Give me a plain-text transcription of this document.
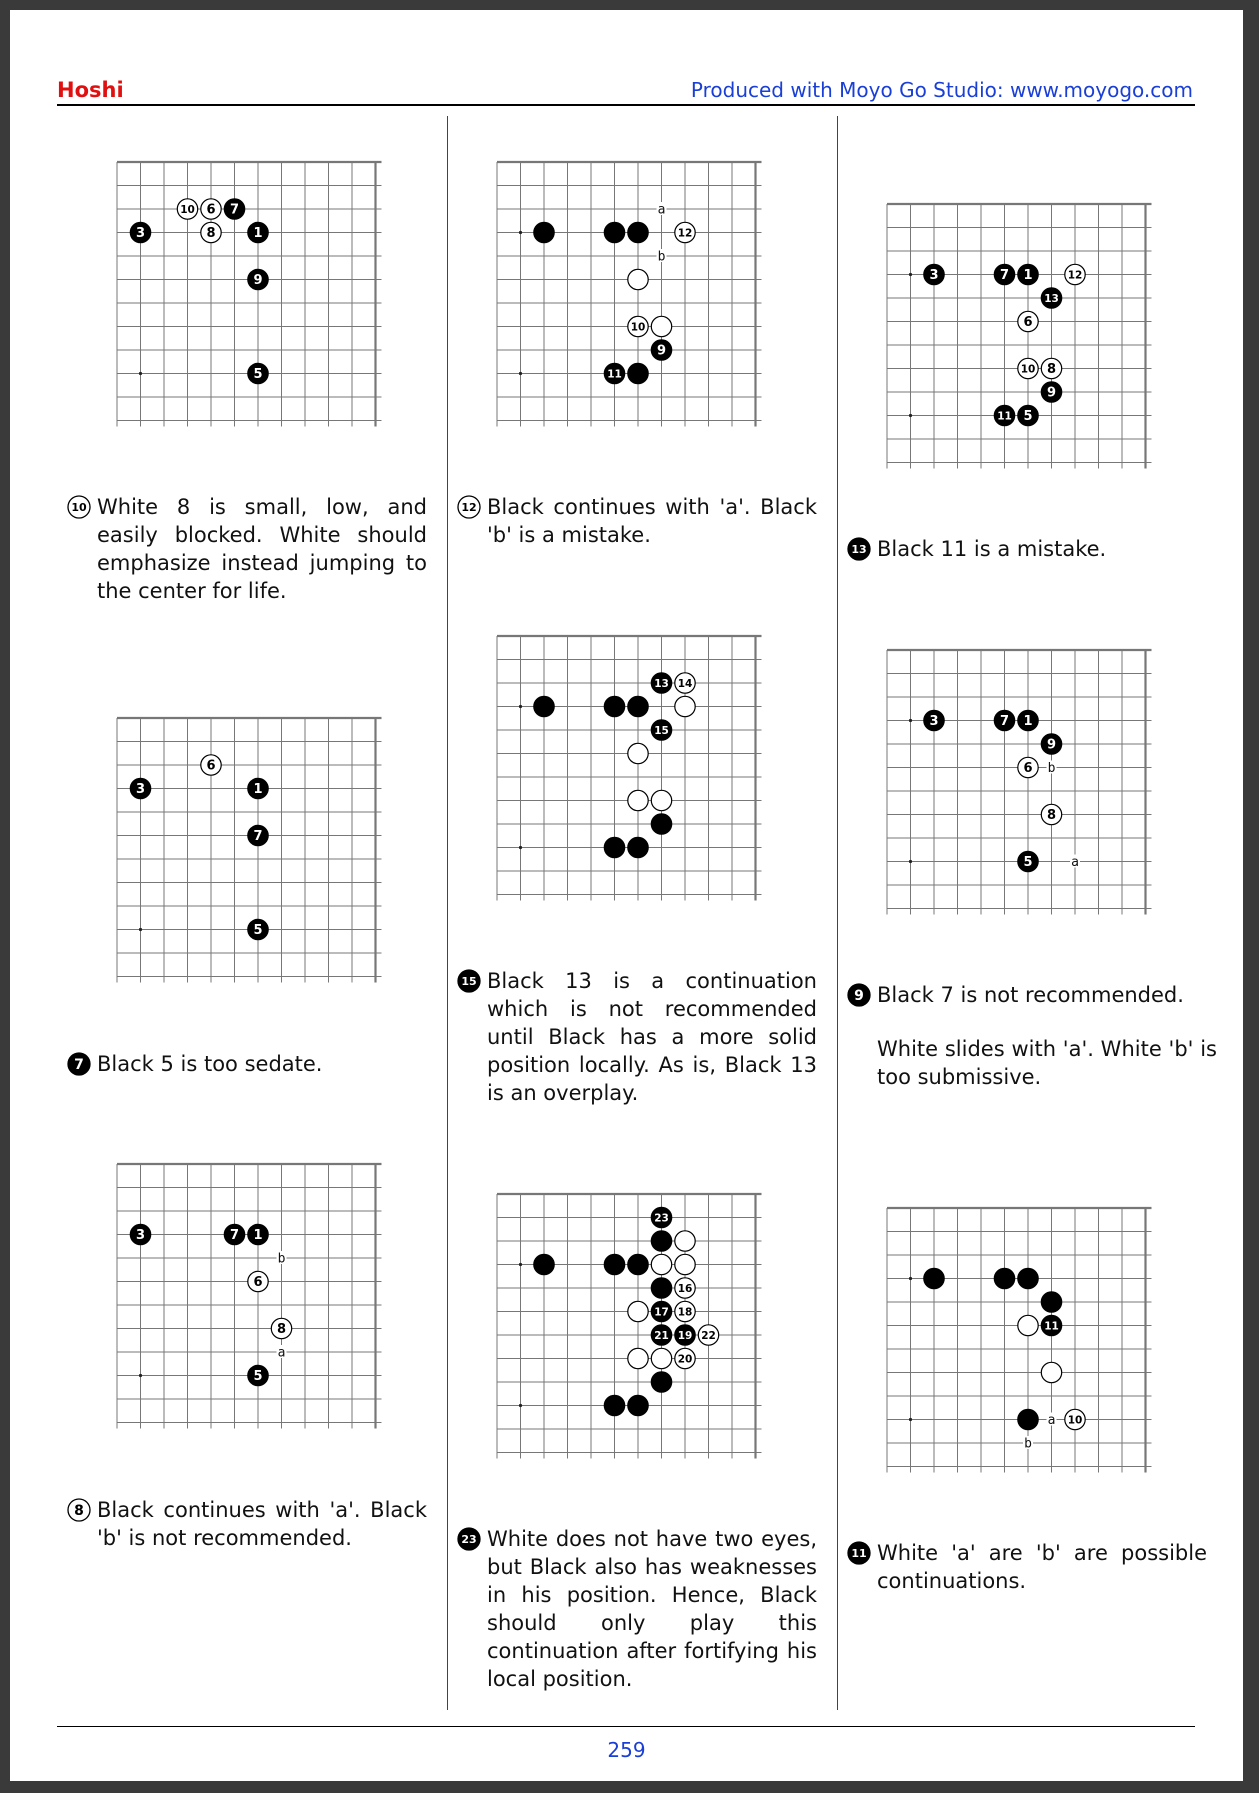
Hoshi	Produced with Moyo Go Studio: www.moyogo.com
1
3
5
6 7
8
9
10
10 White 8 is small, low, and easily blocked. White should emphasize instead jumping to the center for life.

1
3
5
6
7
7 Black 5 is too sedate.

a
b
1
3
5
6
7
8
8 Black continues with 'a'. Black 'b' is not recommended.

a
b
10
9
11
12
12 Black continues with 'a'. Black 'b' is a mistake.

13 14
15
15 Black 13 is a continuation which is not recommended until Black has a more solid position locally. As is, Black 13 is an overplay.

23
16
17 18
21 19 22
20
23 White does not have two eyes, but Black also has weaknesses in his position. Hence, Black should only play this continuation after fortifying his local position.

3	7 1	12
13
6
10 8
9
11 5
13 Black 11 is a mistake.

b
a
3	7 1
9
6
8
5
9 Black 7 is not recommended.

White slides with 'a'. White 'b' is too submissive.

a
b
11
10
11 White 'a' are 'b' are possible continuations.

259
